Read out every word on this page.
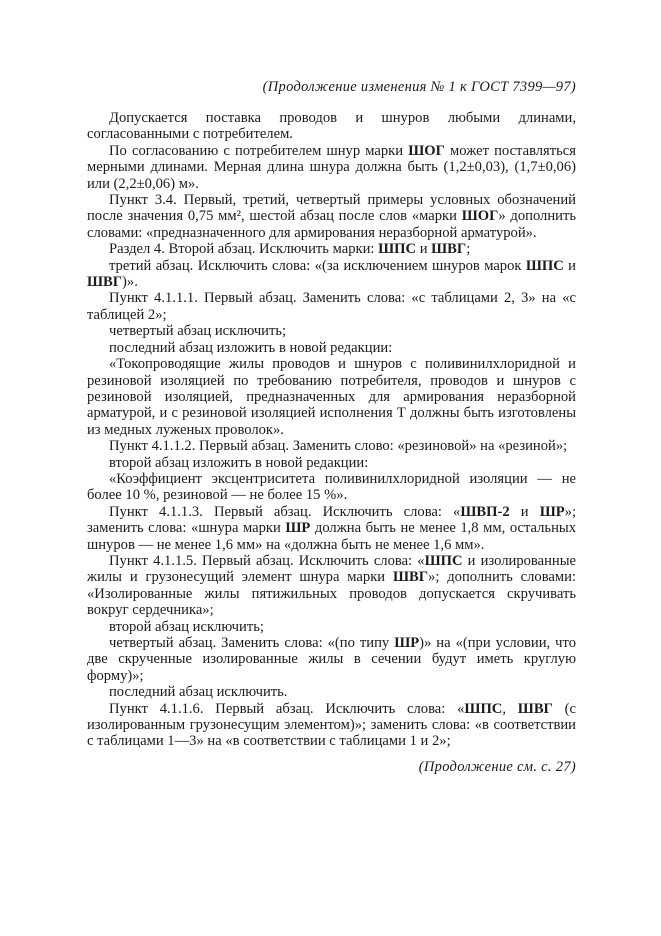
(Продолжение изменения № 1 к ГОСТ 7399—97)

Допускается поставка проводов и шнуров любыми длинами, согласованными с потребителем.

По согласованию с потребителем шнур марки ШОГ может поставляться мерными длинами. Мерная длина шнура должна быть (1,2±0,03), (1,7±0,06) или (2,2±0,06) м».

Пункт 3.4. Первый, третий, четвертый примеры условных обозначений после значения 0,75 мм², шестой абзац после слов «марки ШОГ» дополнить словами: «предназначенного для армирования неразборной арматурой».

Раздел 4. Второй абзац. Исключить марки: ШПС и ШВГ;

третий абзац. Исключить слова: «(за исключением шнуров марок ШПС и ШВГ)».

Пункт 4.1.1.1. Первый абзац. Заменить слова: «с таблицами 2, 3» на «с таблицей 2»;

четвертый абзац исключить;

последний абзац изложить в новой редакции:

«Токопроводящие жилы проводов и шнуров с поливинилхлоридной и резиновой изоляцией по требованию потребителя, проводов и шнуров с резиновой изоляцией, предназначенных для армирования неразборной арматурой, и с резиновой изоляцией исполнения Т должны быть изготовлены из медных луженых проволок».

Пункт 4.1.1.2. Первый абзац. Заменить слово: «резиновой» на «резиной»;

второй абзац изложить в новой редакции:

«Коэффициент эксцентриситета поливинилхлоридной изоляции — не более 10 %, резиновой — не более 15 %».

Пункт 4.1.1.3. Первый абзац. Исключить слова: «ШВП-2 и ШР»; заменить слова: «шнура марки ШР должна быть не менее 1,8 мм, остальных шнуров — не менее 1,6 мм» на «должна быть не менее 1,6 мм».

Пункт 4.1.1.5. Первый абзац. Исключить слова: «ШПС и изолированные жилы и грузонесущий элемент шнура марки ШВГ»; дополнить словами: «Изолированные жилы пятижильных проводов допускается скручивать вокруг сердечника»;

второй абзац исключить;

четвертый абзац. Заменить слова: «(по типу ШР)» на «(при условии, что две скрученные изолированные жилы в сечении будут иметь круглую форму)»;

последний абзац исключить.

Пункт 4.1.1.6. Первый абзац. Исключить слова: «ШПС, ШВГ (с изолированным грузонесущим элементом)»; заменить слова: «в соответствии с таблицами 1—3» на «в соответствии с таблицами 1 и 2»;

(Продолжение см. с. 27)
